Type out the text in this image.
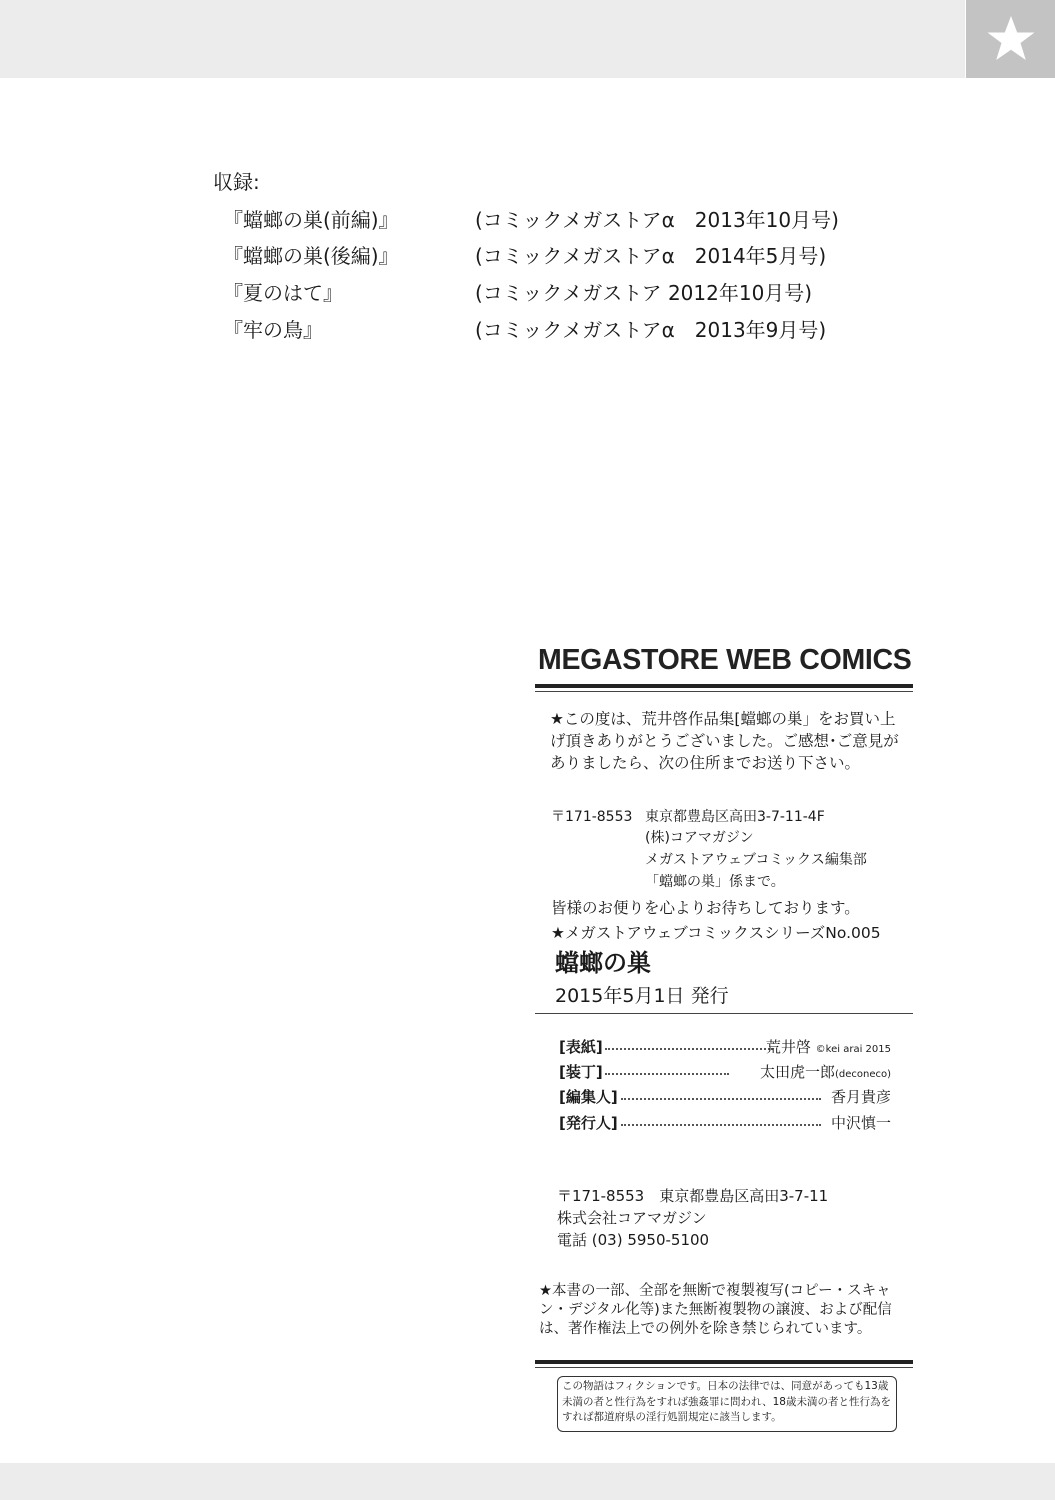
収録:
『蟷螂の巣(前編)』	(コミックメガストアα　2013年10月号)
『蟷螂の巣(後編)』	(コミックメガストアα　2014年5月号)
『夏のはて』	(コミックメガストア 2012年10月号)
『牢の鳥』	(コミックメガストアα　2013年9月号)
MEGASTORE WEB COMICS
★この度は、荒井啓作品集[蟷螂の巣」をお買い上げ頂きありがとうございました。ご感想･ご意見がありましたら、次の住所までお送り下さい。
〒171-8553 東京都豊島区高田3-7-11-4F
(株)コアマガジン
メガストアウェブコミックス編集部
「蟷螂の巣」係まで。
皆様のお便りを心よりお待ちしております。
★メガストアウェブコミックスシリーズNo.005
蟷螂の巣
2015年5月1日 発行
[表紙]	荒井啓 ©kei arai 2015
[装丁]	太田虎一郎(deconeco)
[編集人]	香月貴彦
[発行人]	中沢慎一
〒171-8553　東京都豊島区高田3-7-11
株式会社コアマガジン
電話 (03) 5950-5100
★本書の一部、全部を無断で複製複写(コピー・スキャン・デジタル化等)また無断複製物の譲渡、および配信は、著作権法上での例外を除き禁じられています。
この物語はフィクションです。日本の法律では、同意があっても13歳未満の者と性行為をすれば強姦罪に問われ、18歳未満の者と性行為をすれば都道府県の淫行処罰規定に該当します。
